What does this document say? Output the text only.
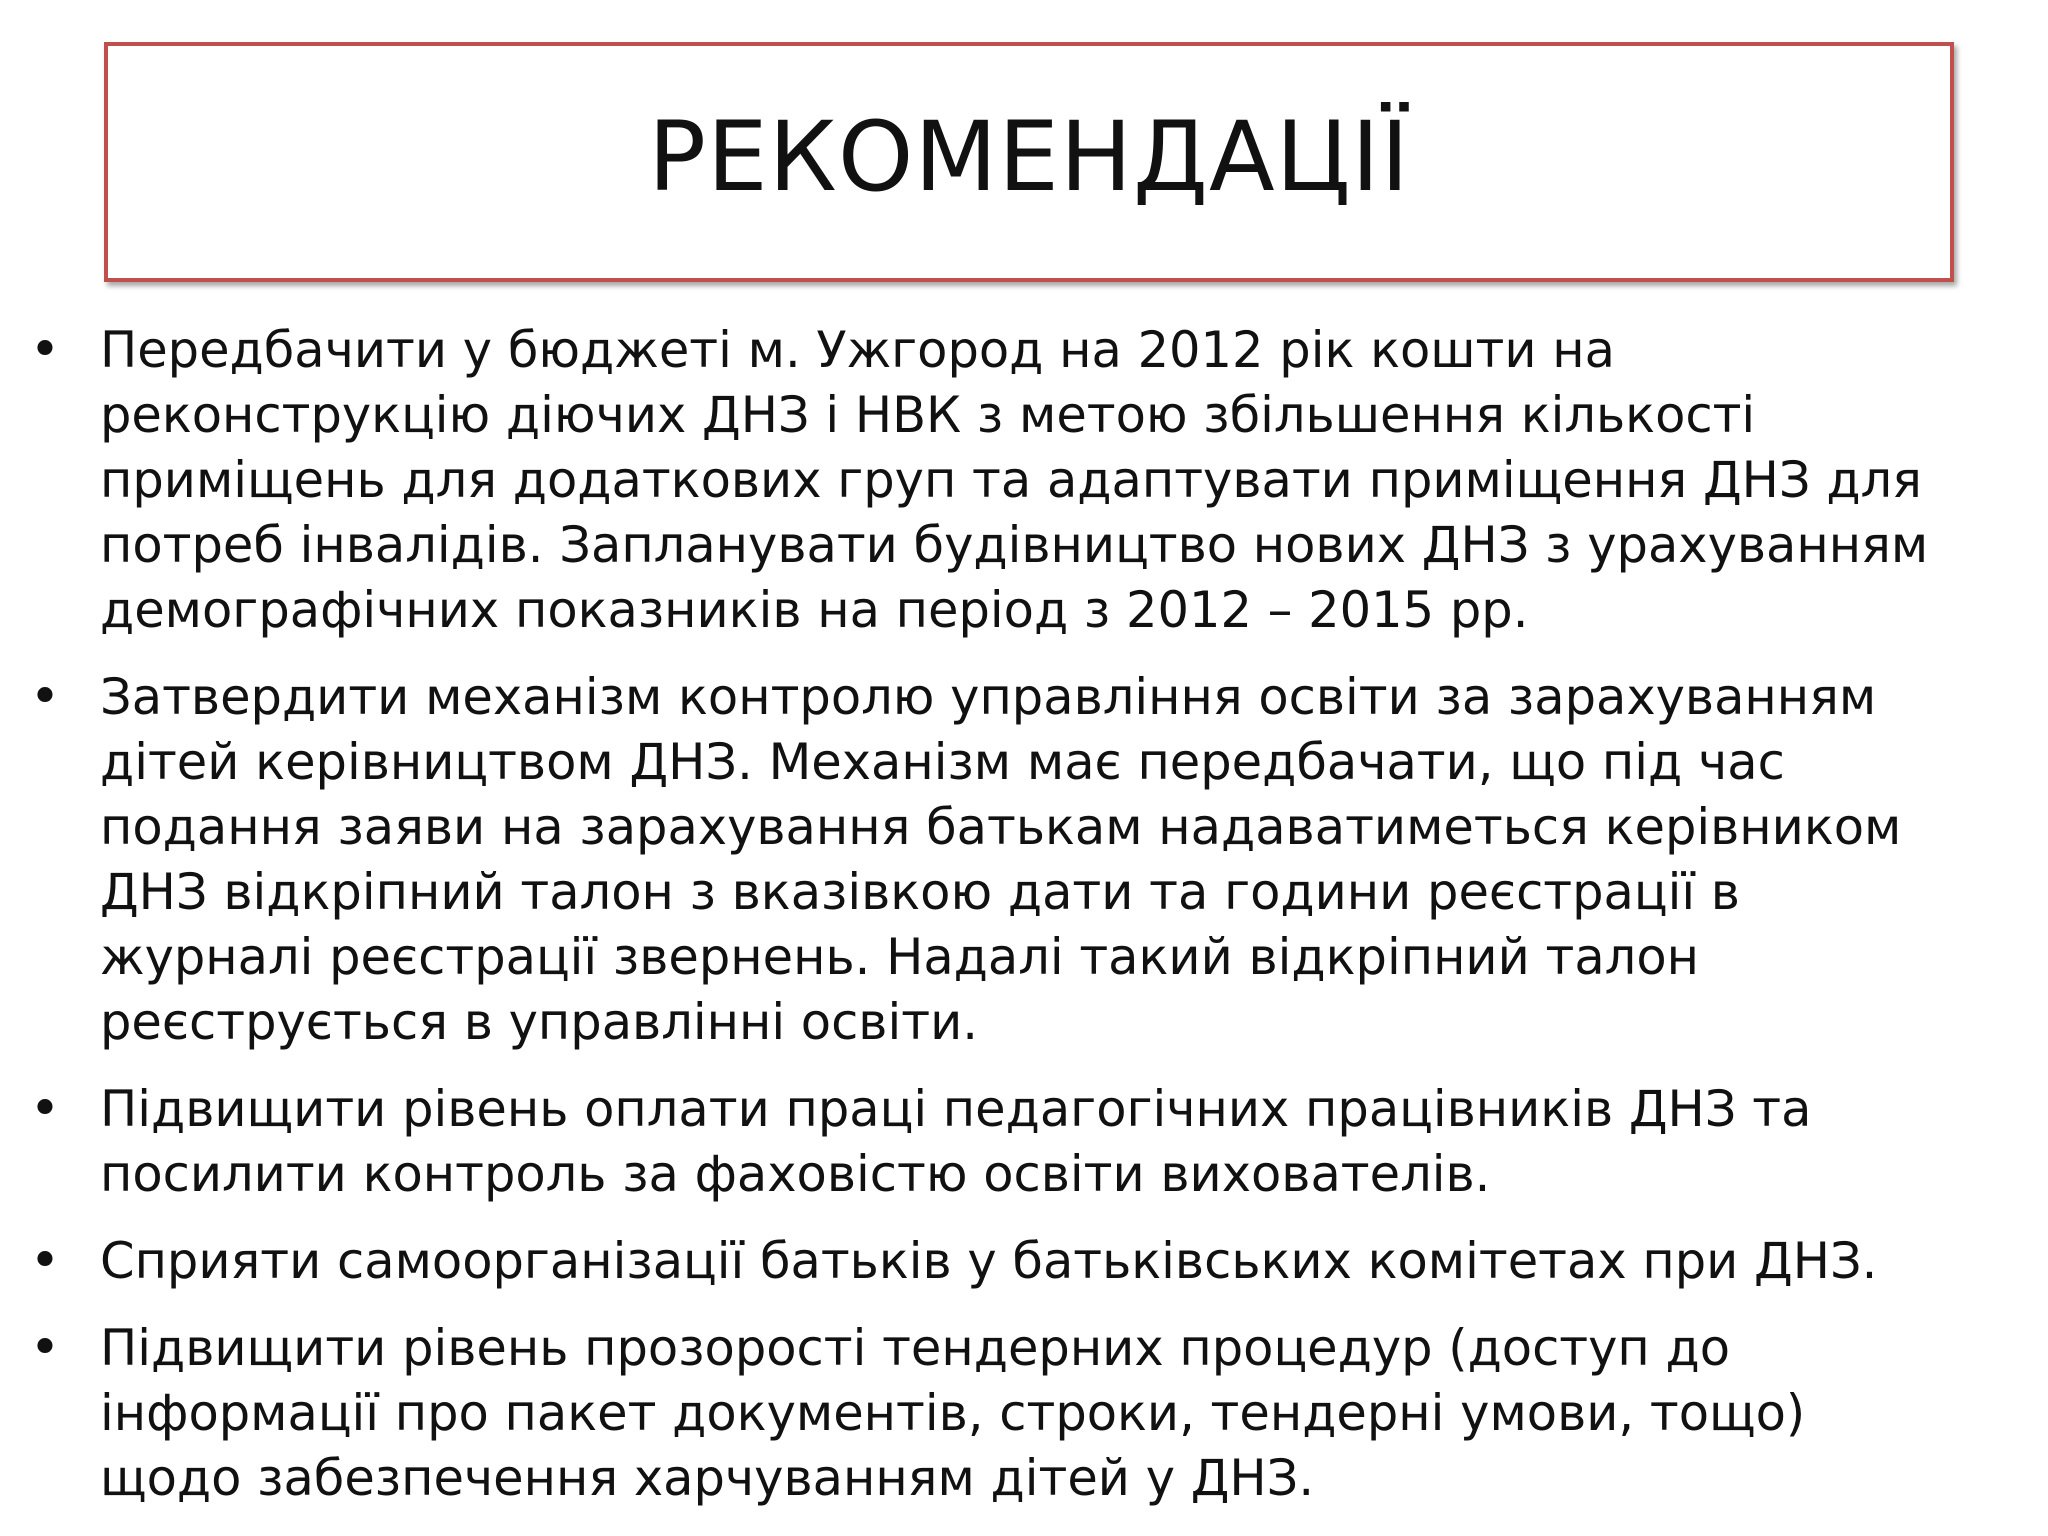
РЕКОМЕНДАЦІЇ
• Передбачити у бюджеті м. Ужгород на 2012 рік кошти на
реконструкцію діючих ДНЗ і НВК з метою збільшення кількості
приміщень для додаткових груп та адаптувати приміщення ДНЗ для
потреб інвалідів. Запланувати будівництво нових ДНЗ з урахуванням
демографічних показників на період з 2012 – 2015 рр.
• Затвердити механізм контролю управління освіти за зарахуванням
дітей керівництвом ДНЗ. Механізм має передбачати, що під час
подання заяви на зарахування батькам надаватиметься керівником
ДНЗ відкріпний талон з вказівкою дати та години реєстрації в
журналі реєстрації звернень. Надалі такий відкріпний талон
реєструється в управлінні освіти.
• Підвищити рівень оплати праці педагогічних працівників ДНЗ та
посилити контроль за фаховістю освіти вихователів.
• Сприяти самоорганізації батьків у батьківських комітетах при ДНЗ.
• Підвищити рівень прозорості тендерних процедур (доступ до
інформації про пакет документів, строки, тендерні умови, тощо)
щодо забезпечення харчуванням дітей у ДНЗ.
